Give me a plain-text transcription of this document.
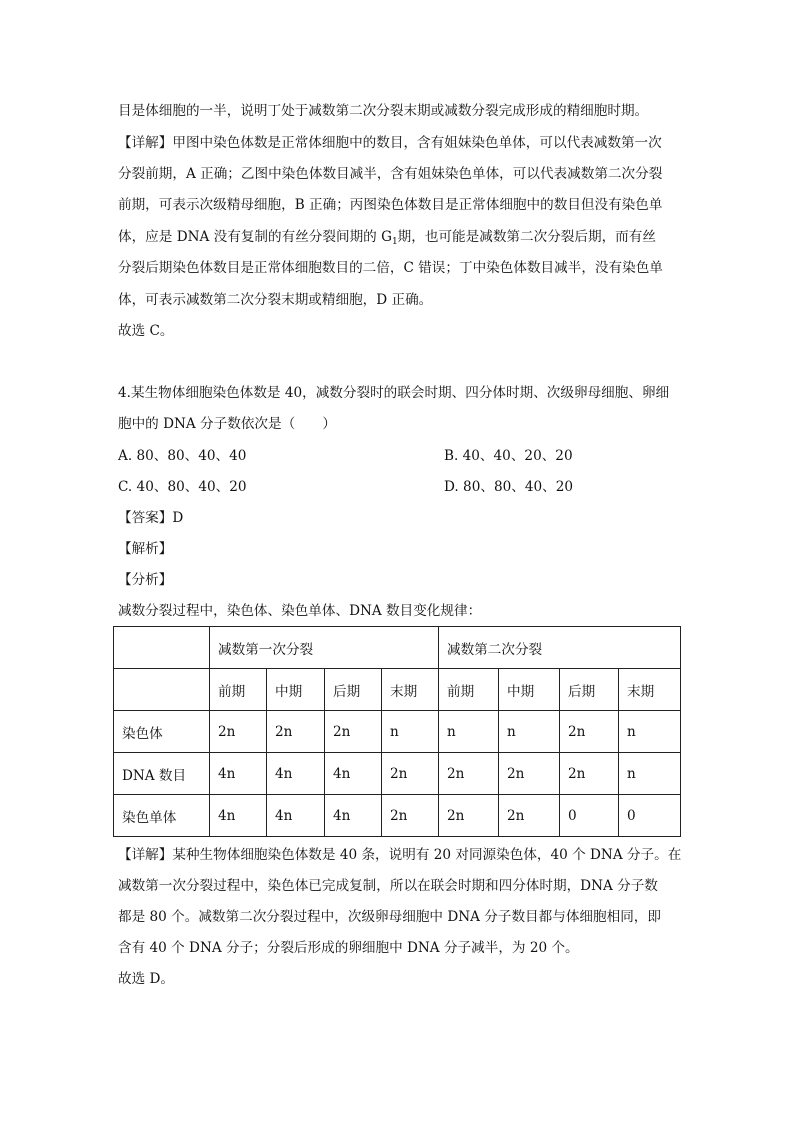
目是体细胞的一半，说明丁处于减数第二次分裂末期或减数分裂完成形成的精细胞时期。
【详解】甲图中染色体数是正常体细胞中的数目，含有姐妹染色单体，可以代表减数第一次
分裂前期，A 正确；乙图中染色体数目减半，含有姐妹染色单体，可以代表减数第二次分裂
前期，可表示次级精母细胞，B 正确；丙图染色体数目是正常体细胞中的数目但没有染色单
体，应是 DNA 没有复制的有丝分裂间期的 $G_1$期，也可能是减数第二次分裂后期，而有丝
分裂后期染色体数目是正常体细胞数目的二倍，C 错误；丁中染色体数目减半，没有染色单
体，可表示减数第二次分裂末期或精细胞，D 正确。
故选 C。
4.某生物体细胞染色体数是 40，减数分裂时的联会时期、四分体时期、次级卵母细胞、卵细
胞中的 DNA 分子数依次是（　　）
A. 80、80、40、40	B. 40、40、20、20
C. 40、80、40、20	D. 80、80、40、20
【答案】D
【解析】
【分析】
减数分裂过程中，染色体、染色单体、DNA 数目变化规律：
	减数第一次分裂				减数第二次分裂			
	前期	中期	后期	末期	前期	中期	后期	末期
染色体	2n	2n	2n	n	n	n	2n	n
DNA 数目	4n	4n	4n	2n	2n	2n	2n	n
染色单体	4n	4n	4n	2n	2n	2n	0	0
【详解】某种生物体细胞染色体数是 40 条，说明有 20 对同源染色体，40 个 DNA 分子。在
减数第一次分裂过程中，染色体已完成复制，所以在联会时期和四分体时期，DNA 分子数
都是 80 个。减数第二次分裂过程中，次级卵母细胞中 DNA 分子数目都与体细胞相同，即
含有 40 个 DNA 分子；分裂后形成的卵细胞中 DNA 分子减半，为 20 个。
故选 D。
